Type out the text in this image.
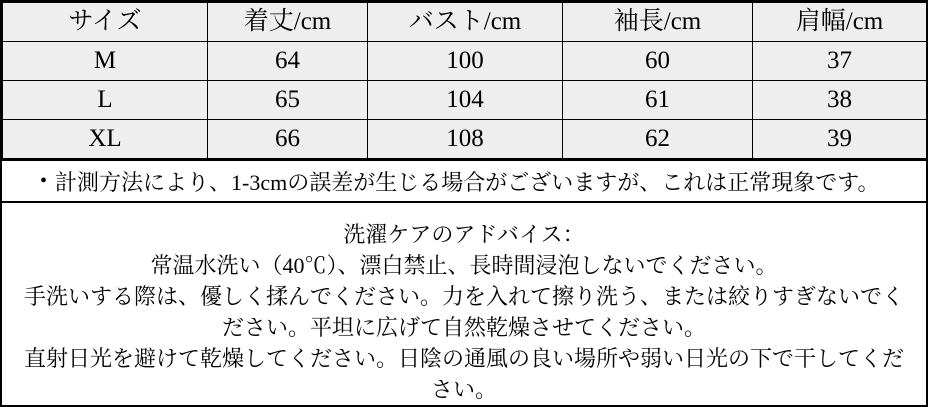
サイズ	着丈/cm	バスト/cm	袖長/cm	肩幅/cm
M	64	100	60	37
L	65	104	61	38
XL	66	108	62	39
• 計測方法により、1-3cmの誤差が生じる場合がございますが、これは正常現象です。
洗濯ケアのアドバイス：
常温水洗い（40℃）、漂白禁止、長時間浸泡しないでください。
手洗いする際は、優しく揉んでください。力を入れて擦り洗う、または絞りすぎないでください。平坦に広げて自然乾燥させてください。
直射日光を避けて乾燥してください。日陰の通風の良い場所や弱い日光の下で干してください。
